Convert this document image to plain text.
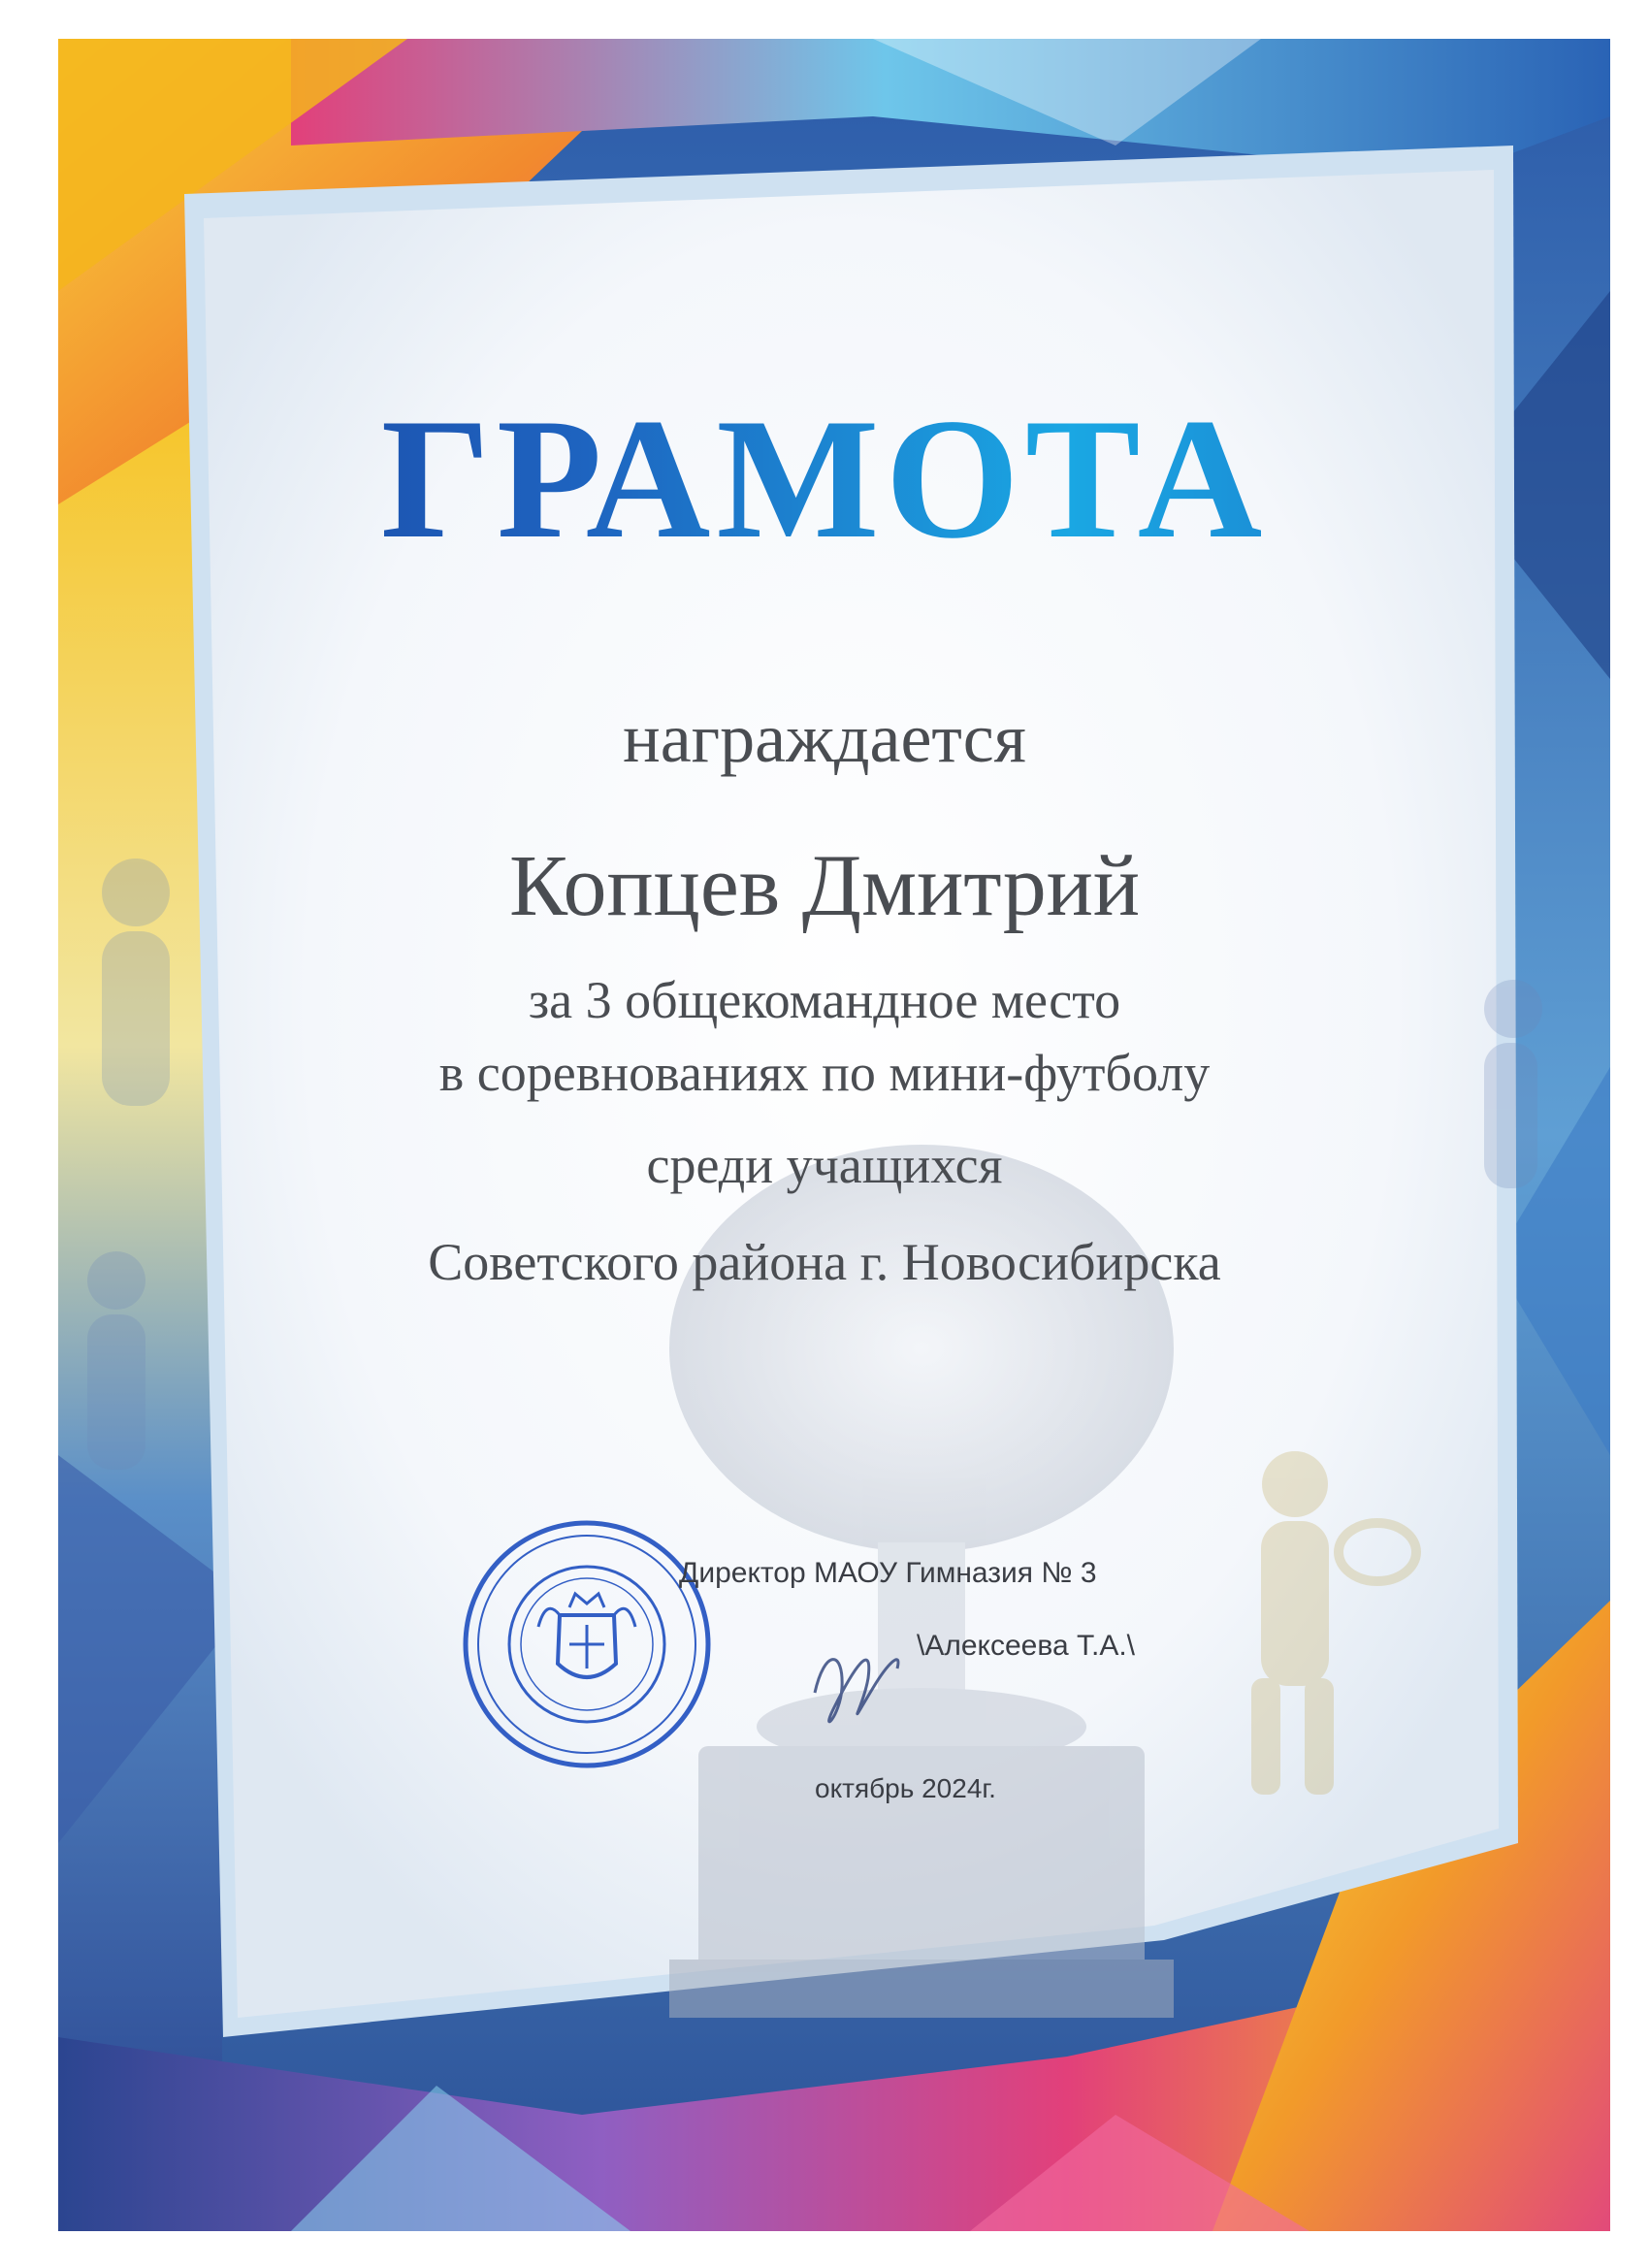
ГРАМОТА

награждается

Копцев Дмитрий

за 3 общекомандное место

в соревнованиях по мини-футболу

среди учащихся

Советского района г. Новосибирска

Директор МАОУ Гимназия № 3
\Алексеева Т.А.\
октябрь 2024г.
